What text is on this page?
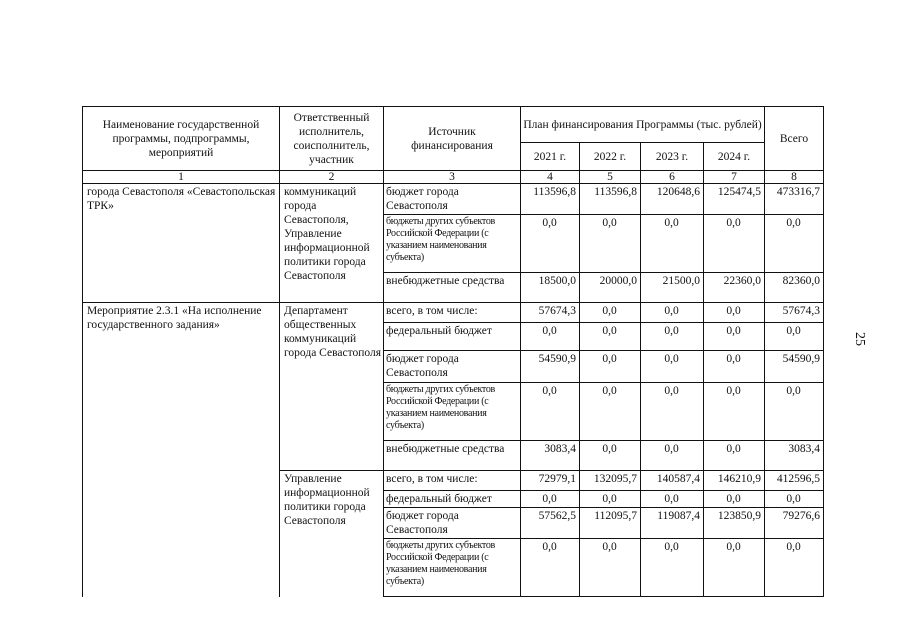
25
Наименование государственной программы, подпрограммы, мероприятий	Ответственный исполнитель, соисполнитель, участник	Источник финансирования	План финансирования Программы (тыс. рублей)				Всего
			2021 г.	2022 г.	2023 г.	2024 г.	
1	2	3	4	5	6	7	8
города Севастополя «Севастопольская ТРК»	коммуникаций города Севастополя, Управление информационной политики города Севастополя	бюджет города Севастополя	113596,8	113596,8	120648,6	125474,5	473316,7
		бюджеты других субъектов Российской Федерации (с указанием наименования субъекта)	0,0	0,0	0,0	0,0	0,0
		внебюджетные средства	18500,0	20000,0	21500,0	22360,0	82360,0
Мероприятие 2.3.1 «На исполнение государственного задания»	Департамент общественных коммуникаций города Севастополя	всего, в том числе:	57674,3	0,0	0,0	0,0	57674,3
		федеральный бюджет	0,0	0,0	0,0	0,0	0,0
		бюджет города Севастополя	54590,9	0,0	0,0	0,0	54590,9
		бюджеты других субъектов Российской Федерации (с указанием наименования субъекта)	0,0	0,0	0,0	0,0	0,0
		внебюджетные средства	3083,4	0,0	0,0	0,0	3083,4
	Управление информационной политики города Севастополя	всего, в том числе:	72979,1	132095,7	140587,4	146210,9	412596,5
		федеральный бюджет	0,0	0,0	0,0	0,0	0,0
		бюджет города Севастополя	57562,5	112095,7	119087,4	123850,9	79276,6
		бюджеты других субъектов Российской Федерации (с указанием наименования субъекта)	0,0	0,0	0,0	0,0	0,0
